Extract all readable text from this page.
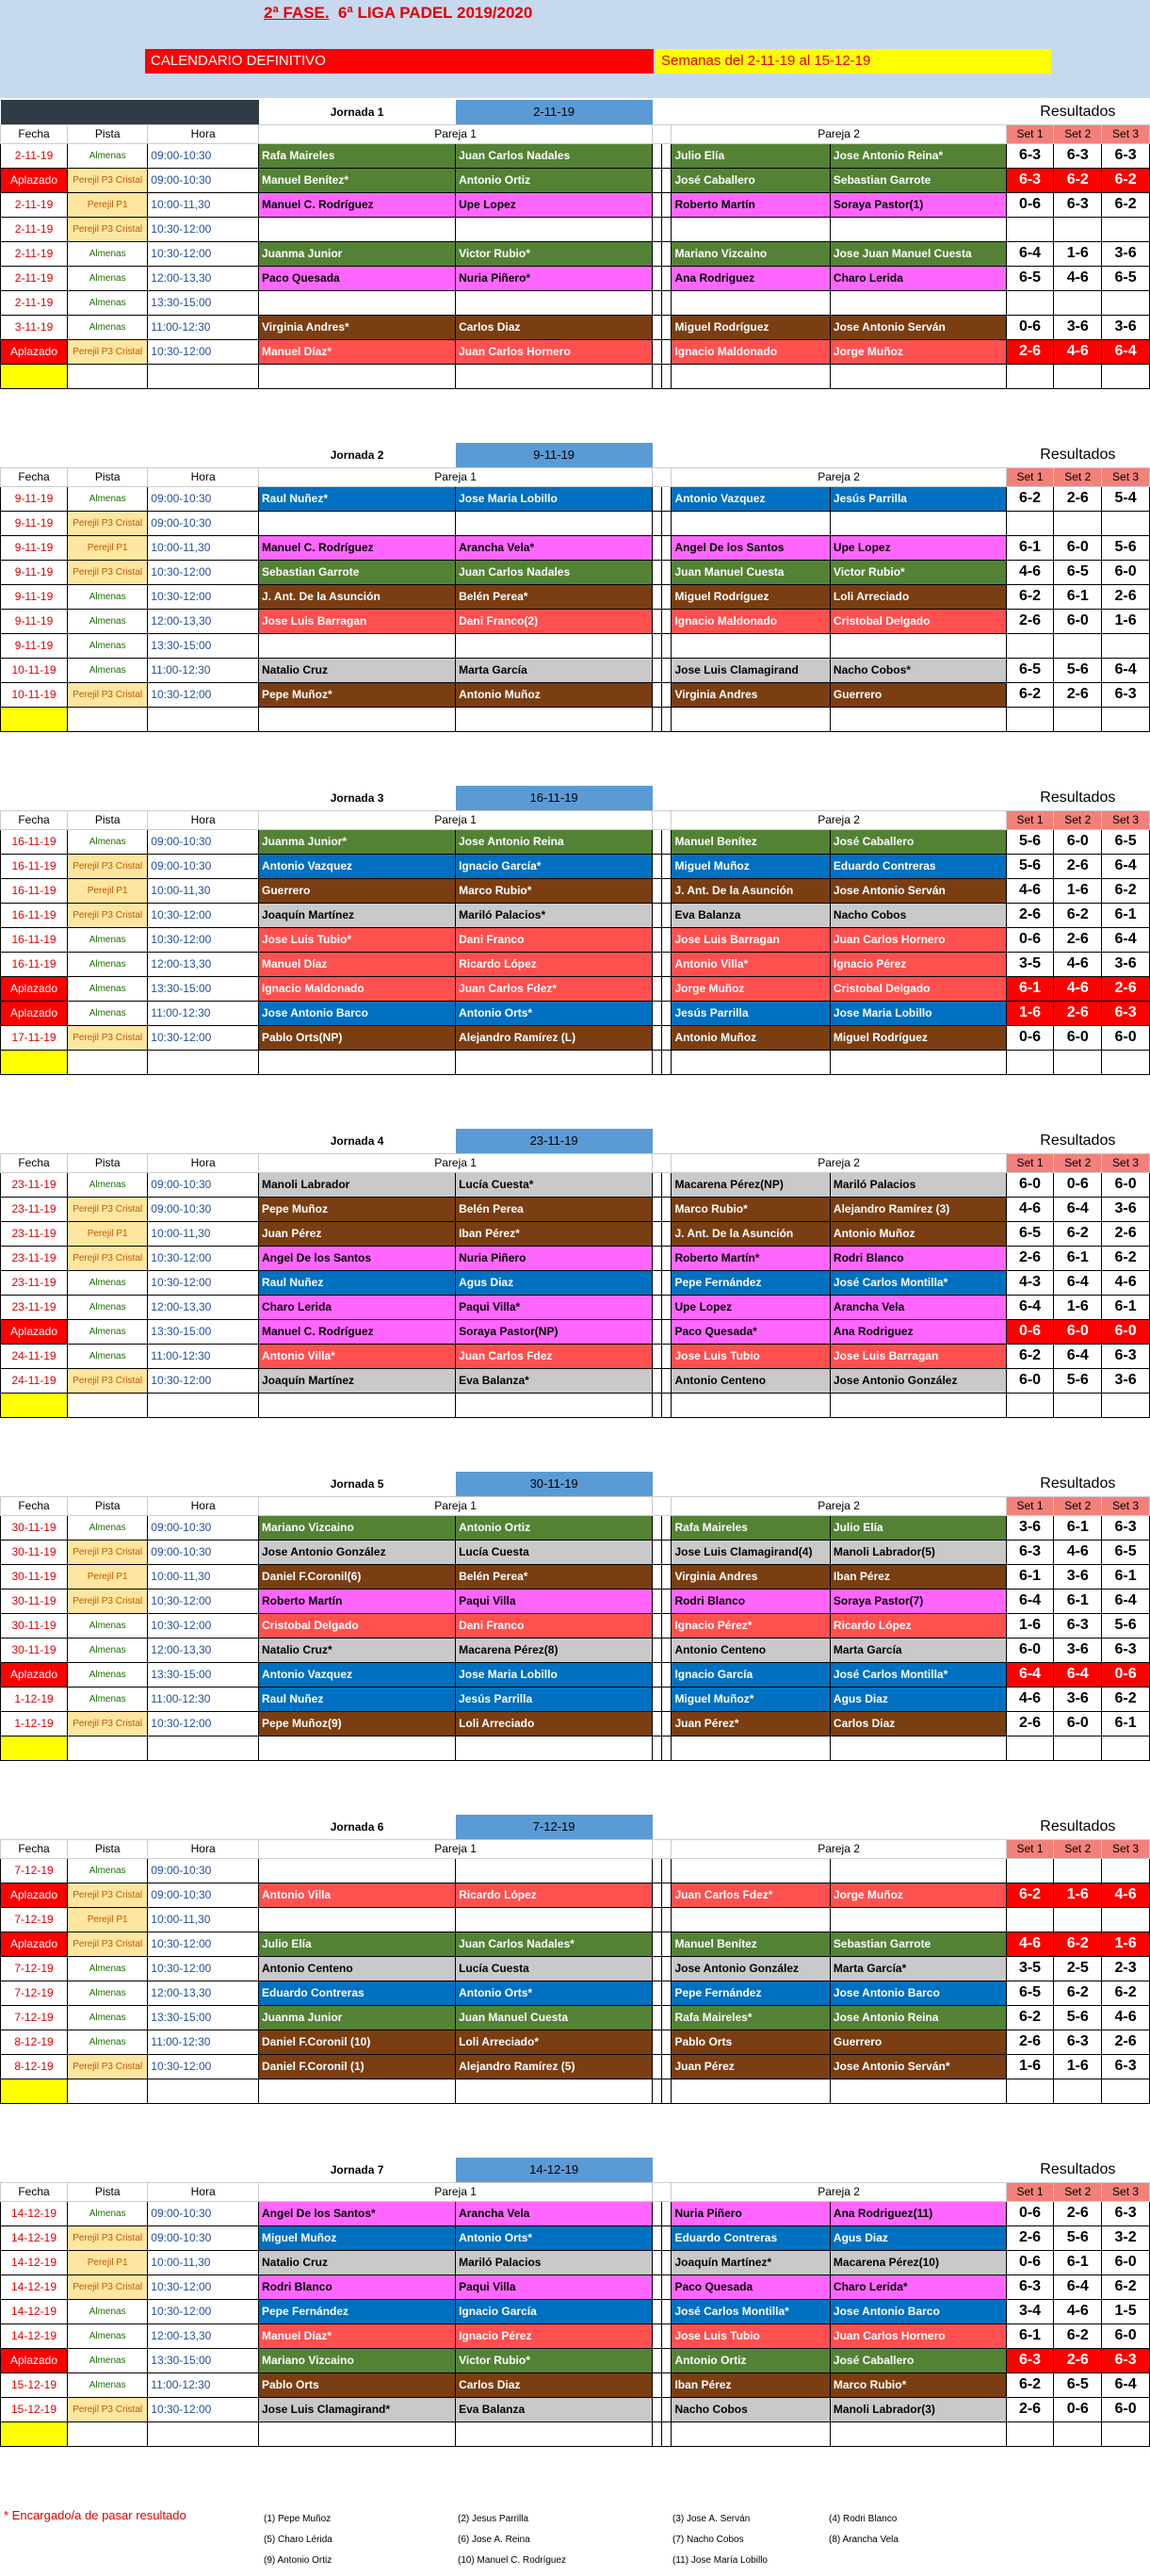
2ª FASE. 6ª LIGA PADEL 2019/2020
CALENDARIO DEFINITIVO	Semanas del 2-11-19 al 15-12-19
			Jornada 1	2-11-19					Resultados		
Fecha	Pista	Hora	Pareja 1				Pareja 2		Set 1	Set 2	Set 3
2-11-19	Almenas	09:00-10:30	Rafa Maireles	Juan Carlos Nadales			Julio Elía	Jose Antonio Reina*	6-3	6-3	6-3
Aplazado	Perejil P3 Cristal	09:00-10:30	Manuel Benítez*	Antonio Ortiz			José Caballero	Sebastian Garrote	6-3	6-2	6-2
2-11-19	Perejil P1	10:00-11,30	Manuel C. Rodríguez	Upe Lopez			Roberto Martín	Soraya Pastor(1)	0-6	6-3	6-2
2-11-19	Perejil P3 Cristal	10:30-12:00									
2-11-19	Almenas	10:30-12:00	Juanma Junior	Victor Rubio*			Mariano Vizcaino	Jose Juan Manuel Cuesta	6-4	1-6	3-6
2-11-19	Almenas	12:00-13,30	Paco Quesada	Nuria Piñero*			Ana Rodriguez	Charo Lerida	6-5	4-6	6-5
2-11-19	Almenas	13:30-15:00									
3-11-19	Almenas	11:00-12:30	Virginia Andres*	Carlos Diaz			Miguel Rodríguez	Jose Antonio Serván	0-6	3-6	3-6
Aplazado	Perejil P3 Cristal	10:30-12:00	Manuel Díaz*	Juan Carlos Hornero			Ignacio Maldonado	Jorge Muñoz	2-6	4-6	6-4

			Jornada 2	9-11-19					Resultados		
Fecha	Pista	Hora	Pareja 1				Pareja 2		Set 1	Set 2	Set 3
9-11-19	Almenas	09:00-10:30	Raul Nuñez*	Jose Maria Lobillo			Antonio Vazquez	Jesús Parrilla	6-2	2-6	5-4
9-11-19	Perejil P3 Cristal	09:00-10:30									
9-11-19	Perejil P1	10:00-11,30	Manuel C. Rodríguez	Arancha Vela*			Angel De los Santos	Upe Lopez	6-1	6-0	5-6
9-11-19	Perejil P3 Cristal	10:30-12:00	Sebastian Garrote	Juan Carlos Nadales			Juan Manuel Cuesta	Victor Rubio*	4-6	6-5	6-0
9-11-19	Almenas	10:30-12:00	J. Ant. De la Asunción	Belén Perea*			Miguel Rodríguez	Loli Arreciado	6-2	6-1	2-6
9-11-19	Almenas	12:00-13,30	Jose Luis Barragan	Dani Franco(2)			Ignacio Maldonado	Cristobal Delgado	2-6	6-0	1-6
9-11-19	Almenas	13:30-15:00									
10-11-19	Almenas	11:00-12:30	Natalio Cruz	Marta García			Jose Luis Clamagirand	Nacho Cobos*	6-5	5-6	6-4
10-11-19	Perejil P3 Cristal	10:30-12:00	Pepe Muñoz*	Antonio Muñoz			Virginia Andres	Guerrero	6-2	2-6	6-3

			Jornada 3	16-11-19					Resultados		
Fecha	Pista	Hora	Pareja 1				Pareja 2		Set 1	Set 2	Set 3
16-11-19	Almenas	09:00-10:30	Juanma Junior*	Jose Antonio Reina			Manuel Benítez	José Caballero	5-6	6-0	6-5
16-11-19	Perejil P3 Cristal	09:00-10:30	Antonio Vazquez	Ignacio García*			Miguel Muñoz	Eduardo Contreras	5-6	2-6	6-4
16-11-19	Perejil P1	10:00-11,30	Guerrero	Marco Rubio*			J. Ant. De la Asunción	Jose Antonio Serván	4-6	1-6	6-2
16-11-19	Perejil P3 Cristal	10:30-12:00	Joaquín Martínez	Mariló Palacios*			Eva Balanza	Nacho Cobos	2-6	6-2	6-1
16-11-19	Almenas	10:30-12:00	Jose Luis Tubio*	Dani Franco			Jose Luis Barragan	Juan Carlos Hornero	0-6	2-6	6-4
16-11-19	Almenas	12:00-13,30	Manuel Díaz	Ricardo López			Antonio Villa*	Ignacio Pérez	3-5	4-6	3-6
Aplazado	Almenas	13:30-15:00	Ignacio Maldonado	Juan Carlos Fdez*			Jorge Muñoz	Cristobal Delgado	6-1	4-6	2-6
Aplazado	Almenas	11:00-12:30	Jose Antonio Barco	Antonio Orts*			Jesús Parrilla	Jose Maria Lobillo	1-6	2-6	6-3
17-11-19	Perejil P3 Cristal	10:30-12:00	Pablo Orts(NP)	Alejandro Ramírez (L)			Antonio Muñoz	Miguel Rodríguez	0-6	6-0	6-0

			Jornada 4	23-11-19					Resultados		
Fecha	Pista	Hora	Pareja 1				Pareja 2		Set 1	Set 2	Set 3
23-11-19	Almenas	09:00-10:30	Manoli Labrador	Lucía Cuesta*			Macarena Pérez(NP)	Mariló Palacios	6-0	0-6	6-0
23-11-19	Perejil P3 Cristal	09:00-10:30	Pepe Muñoz	Belén Perea			Marco Rubio*	Alejandro Ramírez (3)	4-6	6-4	3-6
23-11-19	Perejil P1	10:00-11,30	Juan Pérez	Iban Pérez*			J. Ant. De la Asunción	Antonio Muñoz	6-5	6-2	2-6
23-11-19	Perejil P3 Cristal	10:30-12:00	Angel De los Santos	Nuria Piñero			Roberto Martín*	Rodri Blanco	2-6	6-1	6-2
23-11-19	Almenas	10:30-12:00	Raul Nuñez	Agus Diaz			Pepe Fernández	José Carlos Montilla*	4-3	6-4	4-6
23-11-19	Almenas	12:00-13,30	Charo Lerida	Paqui Villa*			Upe Lopez	Arancha Vela	6-4	1-6	6-1
Aplazado	Almenas	13:30-15:00	Manuel C. Rodríguez	Soraya Pastor(NP)			Paco Quesada*	Ana Rodriguez	0-6	6-0	6-0
24-11-19	Almenas	11:00-12:30	Antonio Villa*	Juan Carlos Fdez			Jose Luis Tubio	Jose Luis Barragan	6-2	6-4	6-3
24-11-19	Perejil P3 Cristal	10:30-12:00	Joaquín Martínez	Eva Balanza*			Antonio Centeno	Jose Antonio González	6-0	5-6	3-6

			Jornada 5	30-11-19					Resultados		
Fecha	Pista	Hora	Pareja 1				Pareja 2		Set 1	Set 2	Set 3
30-11-19	Almenas	09:00-10:30	Mariano Vizcaino	Antonio Ortiz			Rafa Maireles	Julio Elía	3-6	6-1	6-3
30-11-19	Perejil P3 Cristal	09:00-10:30	Jose Antonio González	Lucía Cuesta			Jose Luis Clamagirand(4)	Manoli Labrador(5)	6-3	4-6	6-5
30-11-19	Perejil P1	10:00-11,30	Daniel F.Coronil(6)	Belén Perea*			Virginia Andres	Iban Pérez	6-1	3-6	6-1
30-11-19	Perejil P3 Cristal	10:30-12:00	Roberto Martín	Paqui Villa			Rodri Blanco	Soraya Pastor(7)	6-4	6-1	6-4
30-11-19	Almenas	10:30-12:00	Cristobal Delgado	Dani Franco			Ignacio Pérez*	Ricardo López	1-6	6-3	5-6
30-11-19	Almenas	12:00-13,30	Natalio Cruz*	Macarena Pérez(8)			Antonio Centeno	Marta García	6-0	3-6	6-3
Aplazado	Almenas	13:30-15:00	Antonio Vazquez	Jose Maria Lobillo			Ignacio García	José Carlos Montilla*	6-4	6-4	0-6
1-12-19	Almenas	11:00-12:30	Raul Nuñez	Jesús Parrilla			Miguel Muñoz*	Agus Diaz	4-6	3-6	6-2
1-12-19	Perejil P3 Cristal	10:30-12:00	Pepe Muñoz(9)	Loli Arreciado			Juan Pérez*	Carlos Diaz	2-6	6-0	6-1

			Jornada 6	7-12-19					Resultados		
Fecha	Pista	Hora	Pareja 1				Pareja 2		Set 1	Set 2	Set 3
7-12-19	Almenas	09:00-10:30									
Aplazado	Perejil P3 Cristal	09:00-10:30	Antonio Villa	Ricardo López			Juan Carlos Fdez*	Jorge Muñoz	6-2	1-6	4-6
7-12-19	Perejil P1	10:00-11,30									
Aplazado	Perejil P3 Cristal	10:30-12:00	Julio Elía	Juan Carlos Nadales*			Manuel Benítez	Sebastian Garrote	4-6	6-2	1-6
7-12-19	Almenas	10:30-12:00	Antonio Centeno	Lucía Cuesta			Jose Antonio González	Marta García*	3-5	2-5	2-3
7-12-19	Almenas	12:00-13,30	Eduardo Contreras	Antonio Orts*			Pepe Fernández	Jose Antonio Barco	6-5	6-2	6-2
7-12-19	Almenas	13:30-15:00	Juanma Junior	Juan Manuel Cuesta			Rafa Maireles*	Jose Antonio Reina	6-2	5-6	4-6
8-12-19	Almenas	11:00-12:30	Daniel F.Coronil (10)	Loli Arreciado*			Pablo Orts	Guerrero	2-6	6-3	2-6
8-12-19	Perejil P3 Cristal	10:30-12:00	Daniel F.Coronil (1)	Alejandro Ramírez (5)			Juan Pérez	Jose Antonio Serván*	1-6	1-6	6-3

			Jornada 7	14-12-19					Resultados		
Fecha	Pista	Hora	Pareja 1				Pareja 2		Set 1	Set 2	Set 3
14-12-19	Almenas	09:00-10:30	Angel De los Santos*	Arancha Vela			Nuria Piñero	Ana Rodriguez(11)	0-6	2-6	6-3
14-12-19	Perejil P3 Cristal	09:00-10:30	Miguel Muñoz	Antonio Orts*			Eduardo Contreras	Agus Diaz	2-6	5-6	3-2
14-12-19	Perejil P1	10:00-11,30	Natalio Cruz	Mariló Palacios			Joaquín Martínez*	Macarena Pérez(10)	0-6	6-1	6-0
14-12-19	Perejil P3 Cristal	10:30-12:00	Rodri Blanco	Paqui Villa			Paco Quesada	Charo Lerida*	6-3	6-4	6-2
14-12-19	Almenas	10:30-12:00	Pepe Fernández	Ignacio García			José Carlos Montilla*	Jose Antonio Barco	3-4	4-6	1-5
14-12-19	Almenas	12:00-13,30	Manuel Díaz*	Ignacio Pérez			Jose Luis Tubio	Juan Carlos Hornero	6-1	6-2	6-0
Aplazado	Almenas	13:30-15:00	Mariano Vizcaino	Victor Rubio*			Antonio Ortiz	José Caballero	6-3	2-6	6-3
15-12-19	Almenas	11:00-12:30	Pablo Orts	Carlos Diaz			Iban Pérez	Marco Rubio*	6-2	6-5	6-4
15-12-19	Perejil P3 Cristal	10:30-12:00	Jose Luis Clamagirand*	Eva Balanza			Nacho Cobos	Manoli Labrador(3)	2-6	0-6	6-0

* Encargado/a de pasar resultado	(1) Pepe Muñoz	(2) Jesus Parrilla	(3) Jose A. Serván	(4) Rodri Blanco
(5) Charo Lérida	(6) Jose A. Reina	(7) Nacho Cobos	(8) Arancha Vela
(9) Antonio Ortiz	(10) Manuel C. Rodríguez	(11) Jose María Lobillo
